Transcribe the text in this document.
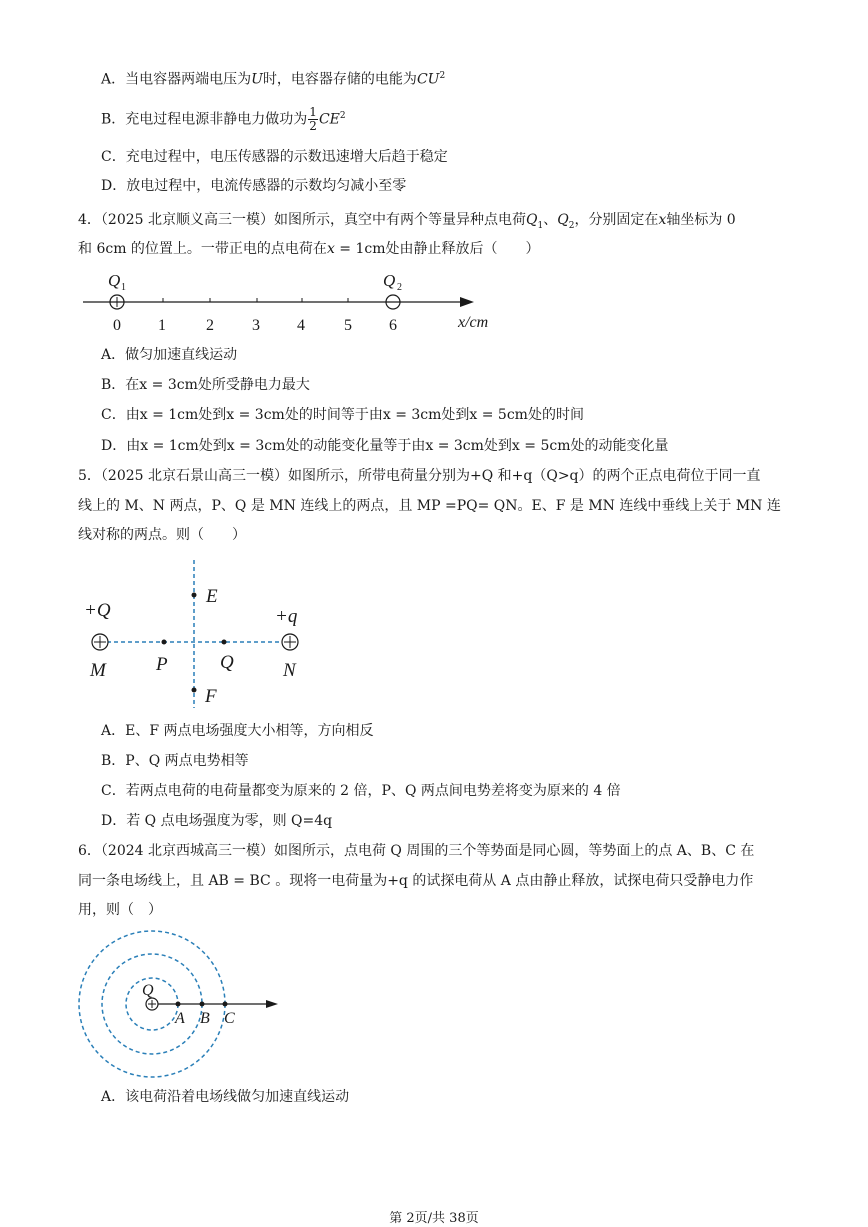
A．当电容器两端电压为U时，电容器存储的电能为$CU^2$
B．充电过程电源非静电力做功为 $\frac{1}{2} CE^2$
C．充电过程中，电压传感器的示数迅速增大后趋于稳定
D．放电过程中，电流传感器的示数均匀减小至零
4．（2025 北京顺义高三一模）如图所示，真空中有两个等量异种点电荷$Q_1$、$Q_2$，分别固定在x轴坐标为 0
和 6cm 的位置上。一带正电的点电荷在x = 1cm处由静止释放后（　　）
Q 1	Q 2
0 1	2 3 4 5 6	x/cm
A．做匀加速直线运动
B．在x = 3cm处所受静电力最大
C．由x = 1cm处到x = 3cm处的时间等于由x = 3cm处到x = 5cm处的时间
D．由x = 1cm处到x = 3cm处的动能变化量等于由x = 3cm处到x = 5cm处的动能变化量
5．（2025 北京石景山高三一模）如图所示，所带电荷量分别为+Q 和+q（Q>q）的两个正点电荷位于同一直
线上的 M、N 两点，P、Q 是 MN 连线上的两点，且 MP =PQ= QN。E、F 是 MN 连线中垂线上关于 MN 连
线对称的两点。则（　　）
+Q	+q
M	N
P	Q
E
F
A．E、F 两点电场强度大小相等，方向相反
B．P、Q 两点电势相等
C．若两点电荷的电荷量都变为原来的 2 倍，P、Q 两点间电势差将变为原来的 4 倍
D．若 Q 点电场强度为零，则 Q=4q
6．（2024 北京西城高三一模）如图所示，点电荷 Q 周围的三个等势面是同心圆，等势面上的点 A、B、C 在
同一条电场线上，且 AB = BC 。现将一电荷量为+q 的试探电荷从 A 点由静止释放，试探电荷只受静电力作
用，则（　）
Q
A B C
A．该电荷沿着电场线做匀加速直线运动
第 2页/共 38页
